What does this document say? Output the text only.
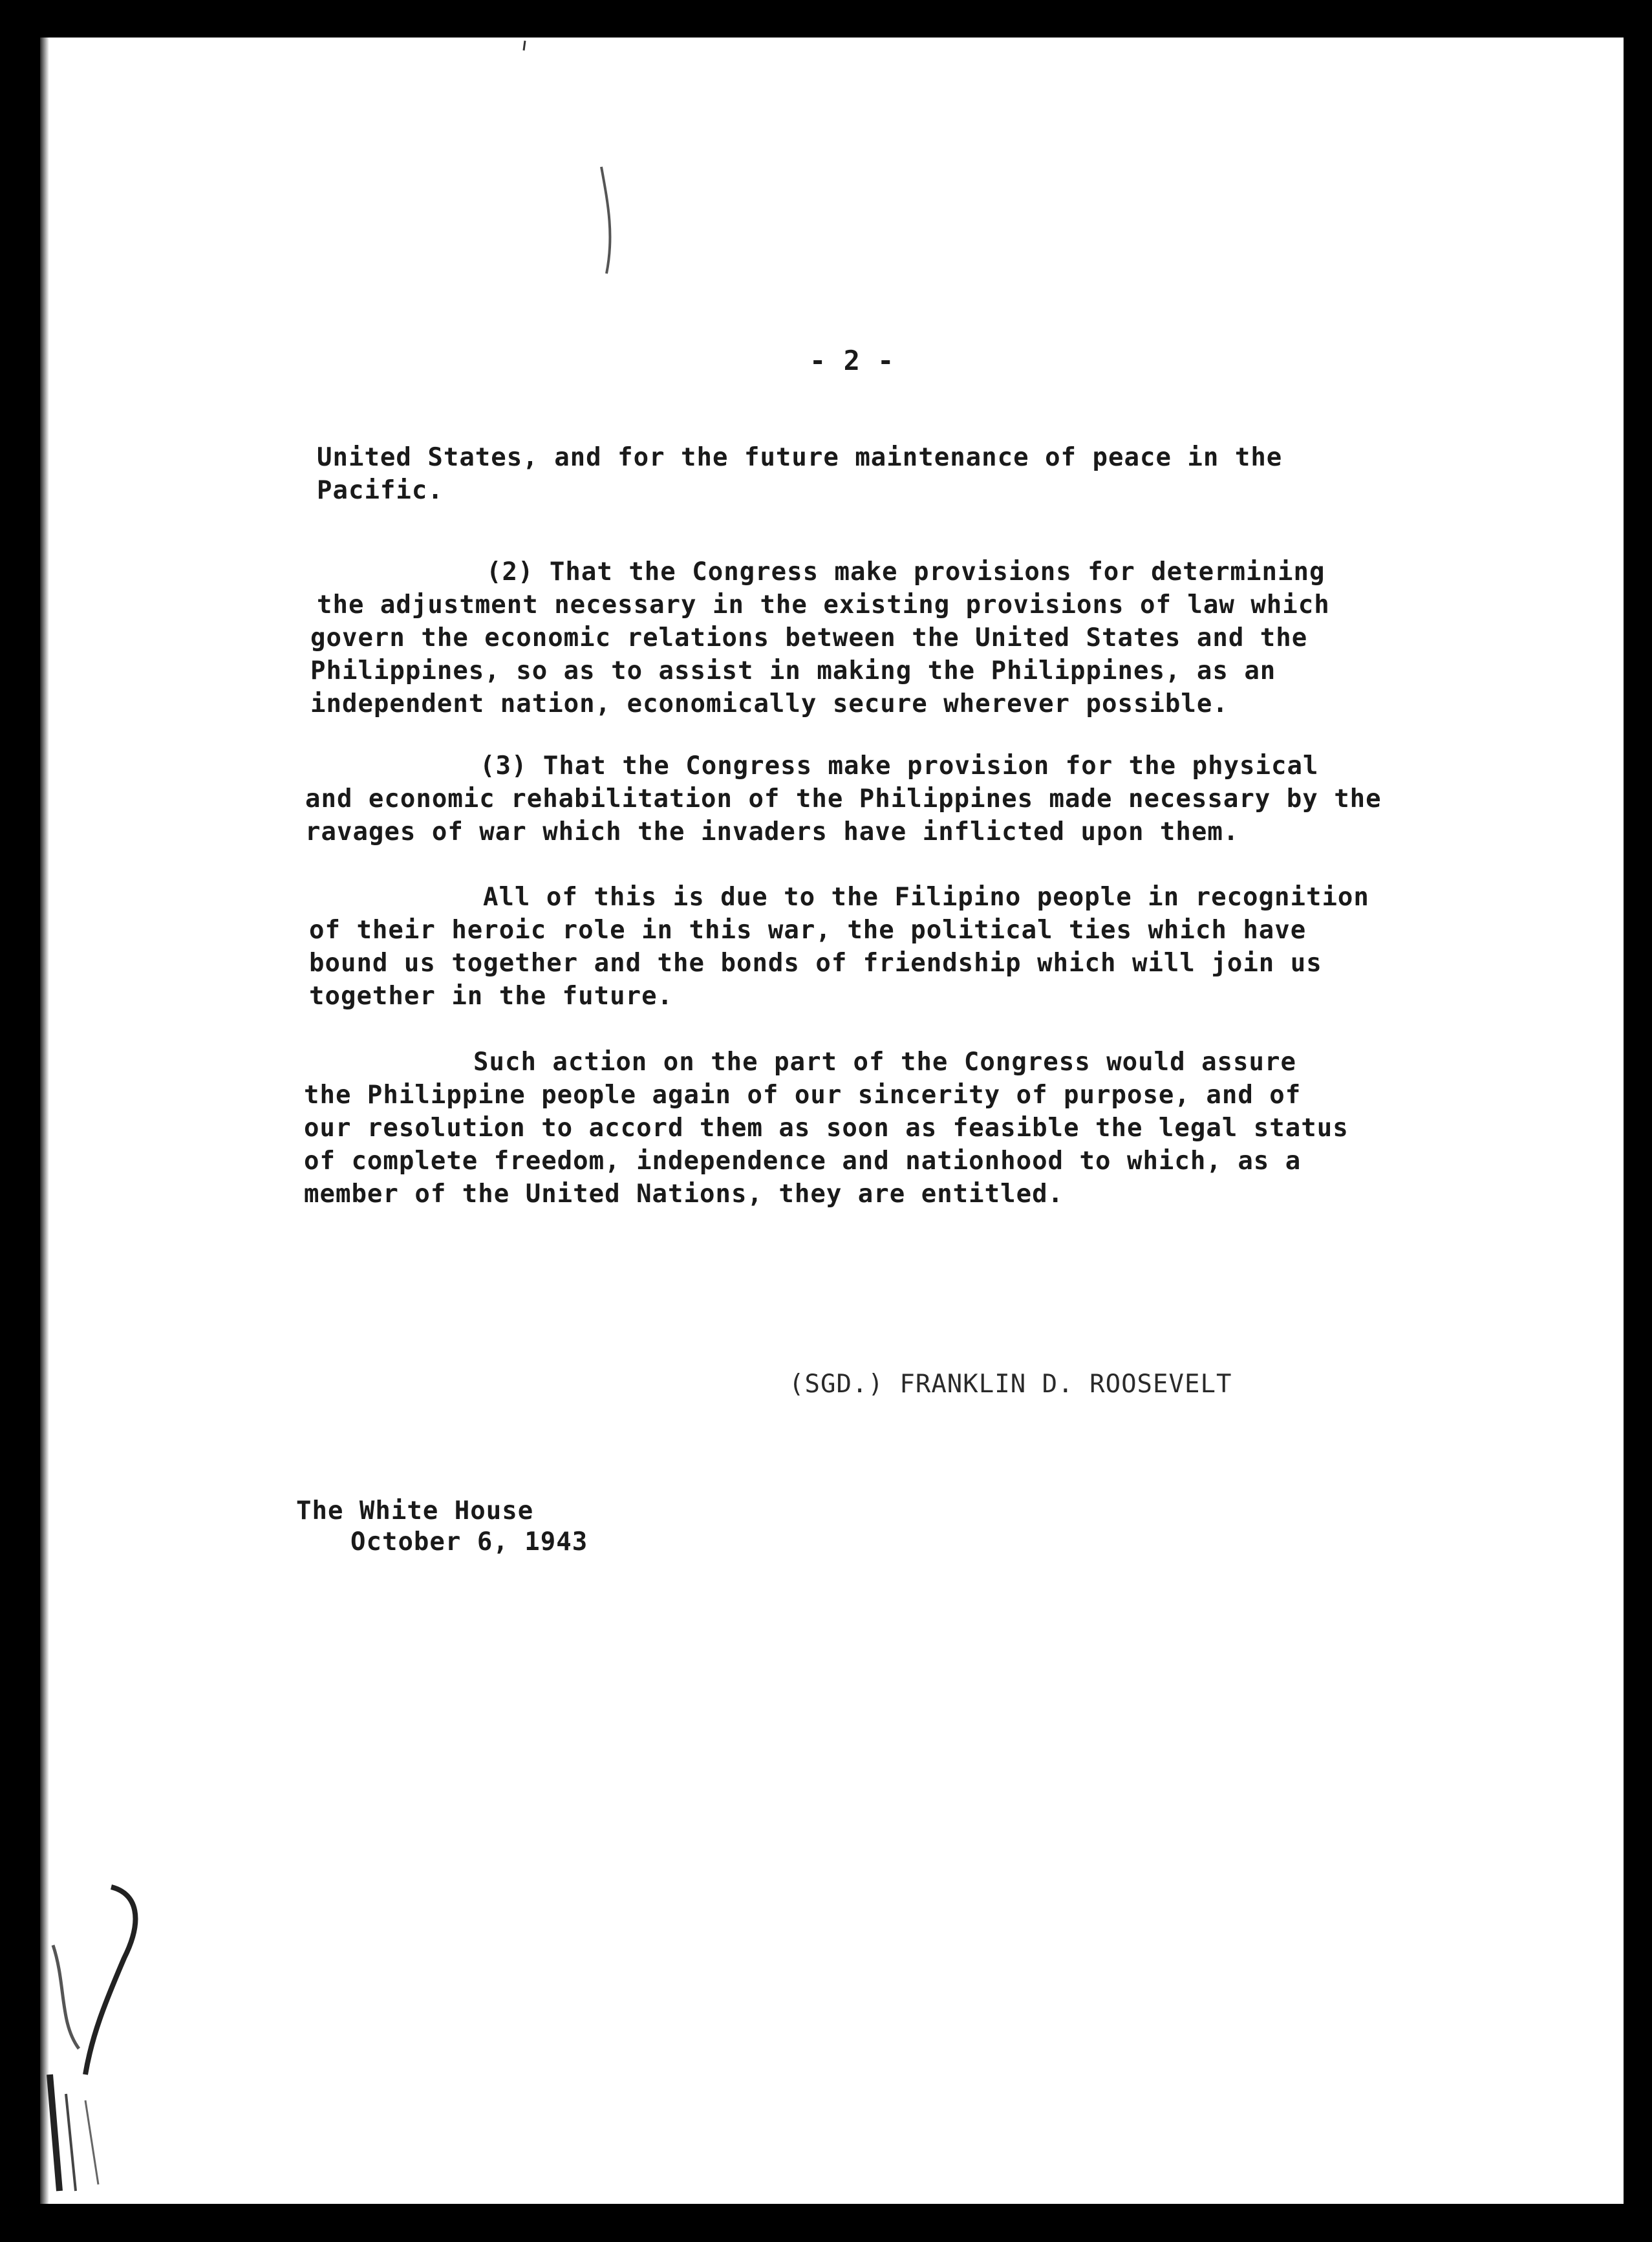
- 2 -
United States, and for the future maintenance of peace in the
Pacific.
(2) That the Congress make provisions for determining
the adjustment necessary in the existing provisions of law which
govern the economic relations between the United States and the
Philippines, so as to assist in making the Philippines, as an
independent nation, economically secure wherever possible.
(3) That the Congress make provision for the physical
and economic rehabilitation of the Philippines made necessary by the
ravages of war which the invaders have inflicted upon them.
All of this is due to the Filipino people in recognition
of their heroic role in this war, the political ties which have
bound us together and the bonds of friendship which will join us
together in the future.
Such action on the part of the Congress would assure
the Philippine people again of our sincerity of purpose, and of
our resolution to accord them as soon as feasible the legal status
of complete freedom, independence and nationhood to which, as a
member of the United Nations, they are entitled.
(SGD.) FRANKLIN D. ROOSEVELT
The White House
October 6, 1943
